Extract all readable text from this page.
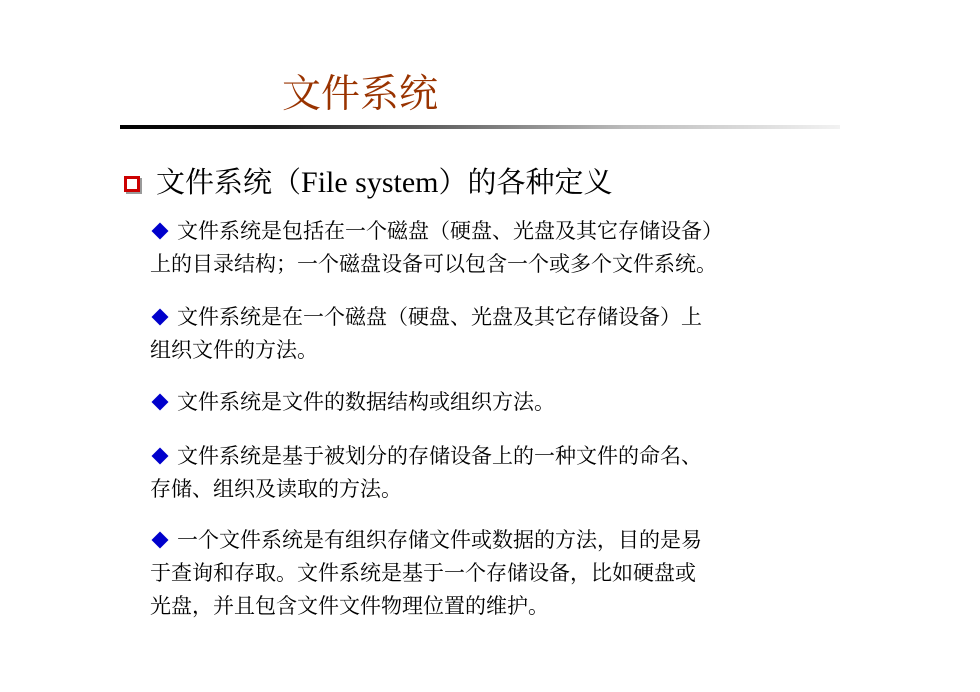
文件系统
文件系统（File system）的各种定义
文件系统是包括在一个磁盘（硬盘、光盘及其它存储设备）
上的目录结构；一个磁盘设备可以包含一个或多个文件系统。
文件系统是在一个磁盘（硬盘、光盘及其它存储设备）上
组织文件的方法。
文件系统是文件的数据结构或组织方法。
文件系统是基于被划分的存储设备上的一种文件的命名、
存储、组织及读取的方法。
一个文件系统是有组织存储文件或数据的方法，目的是易
于查询和存取。文件系统是基于一个存储设备，比如硬盘或
光盘，并且包含文件文件物理位置的维护。
